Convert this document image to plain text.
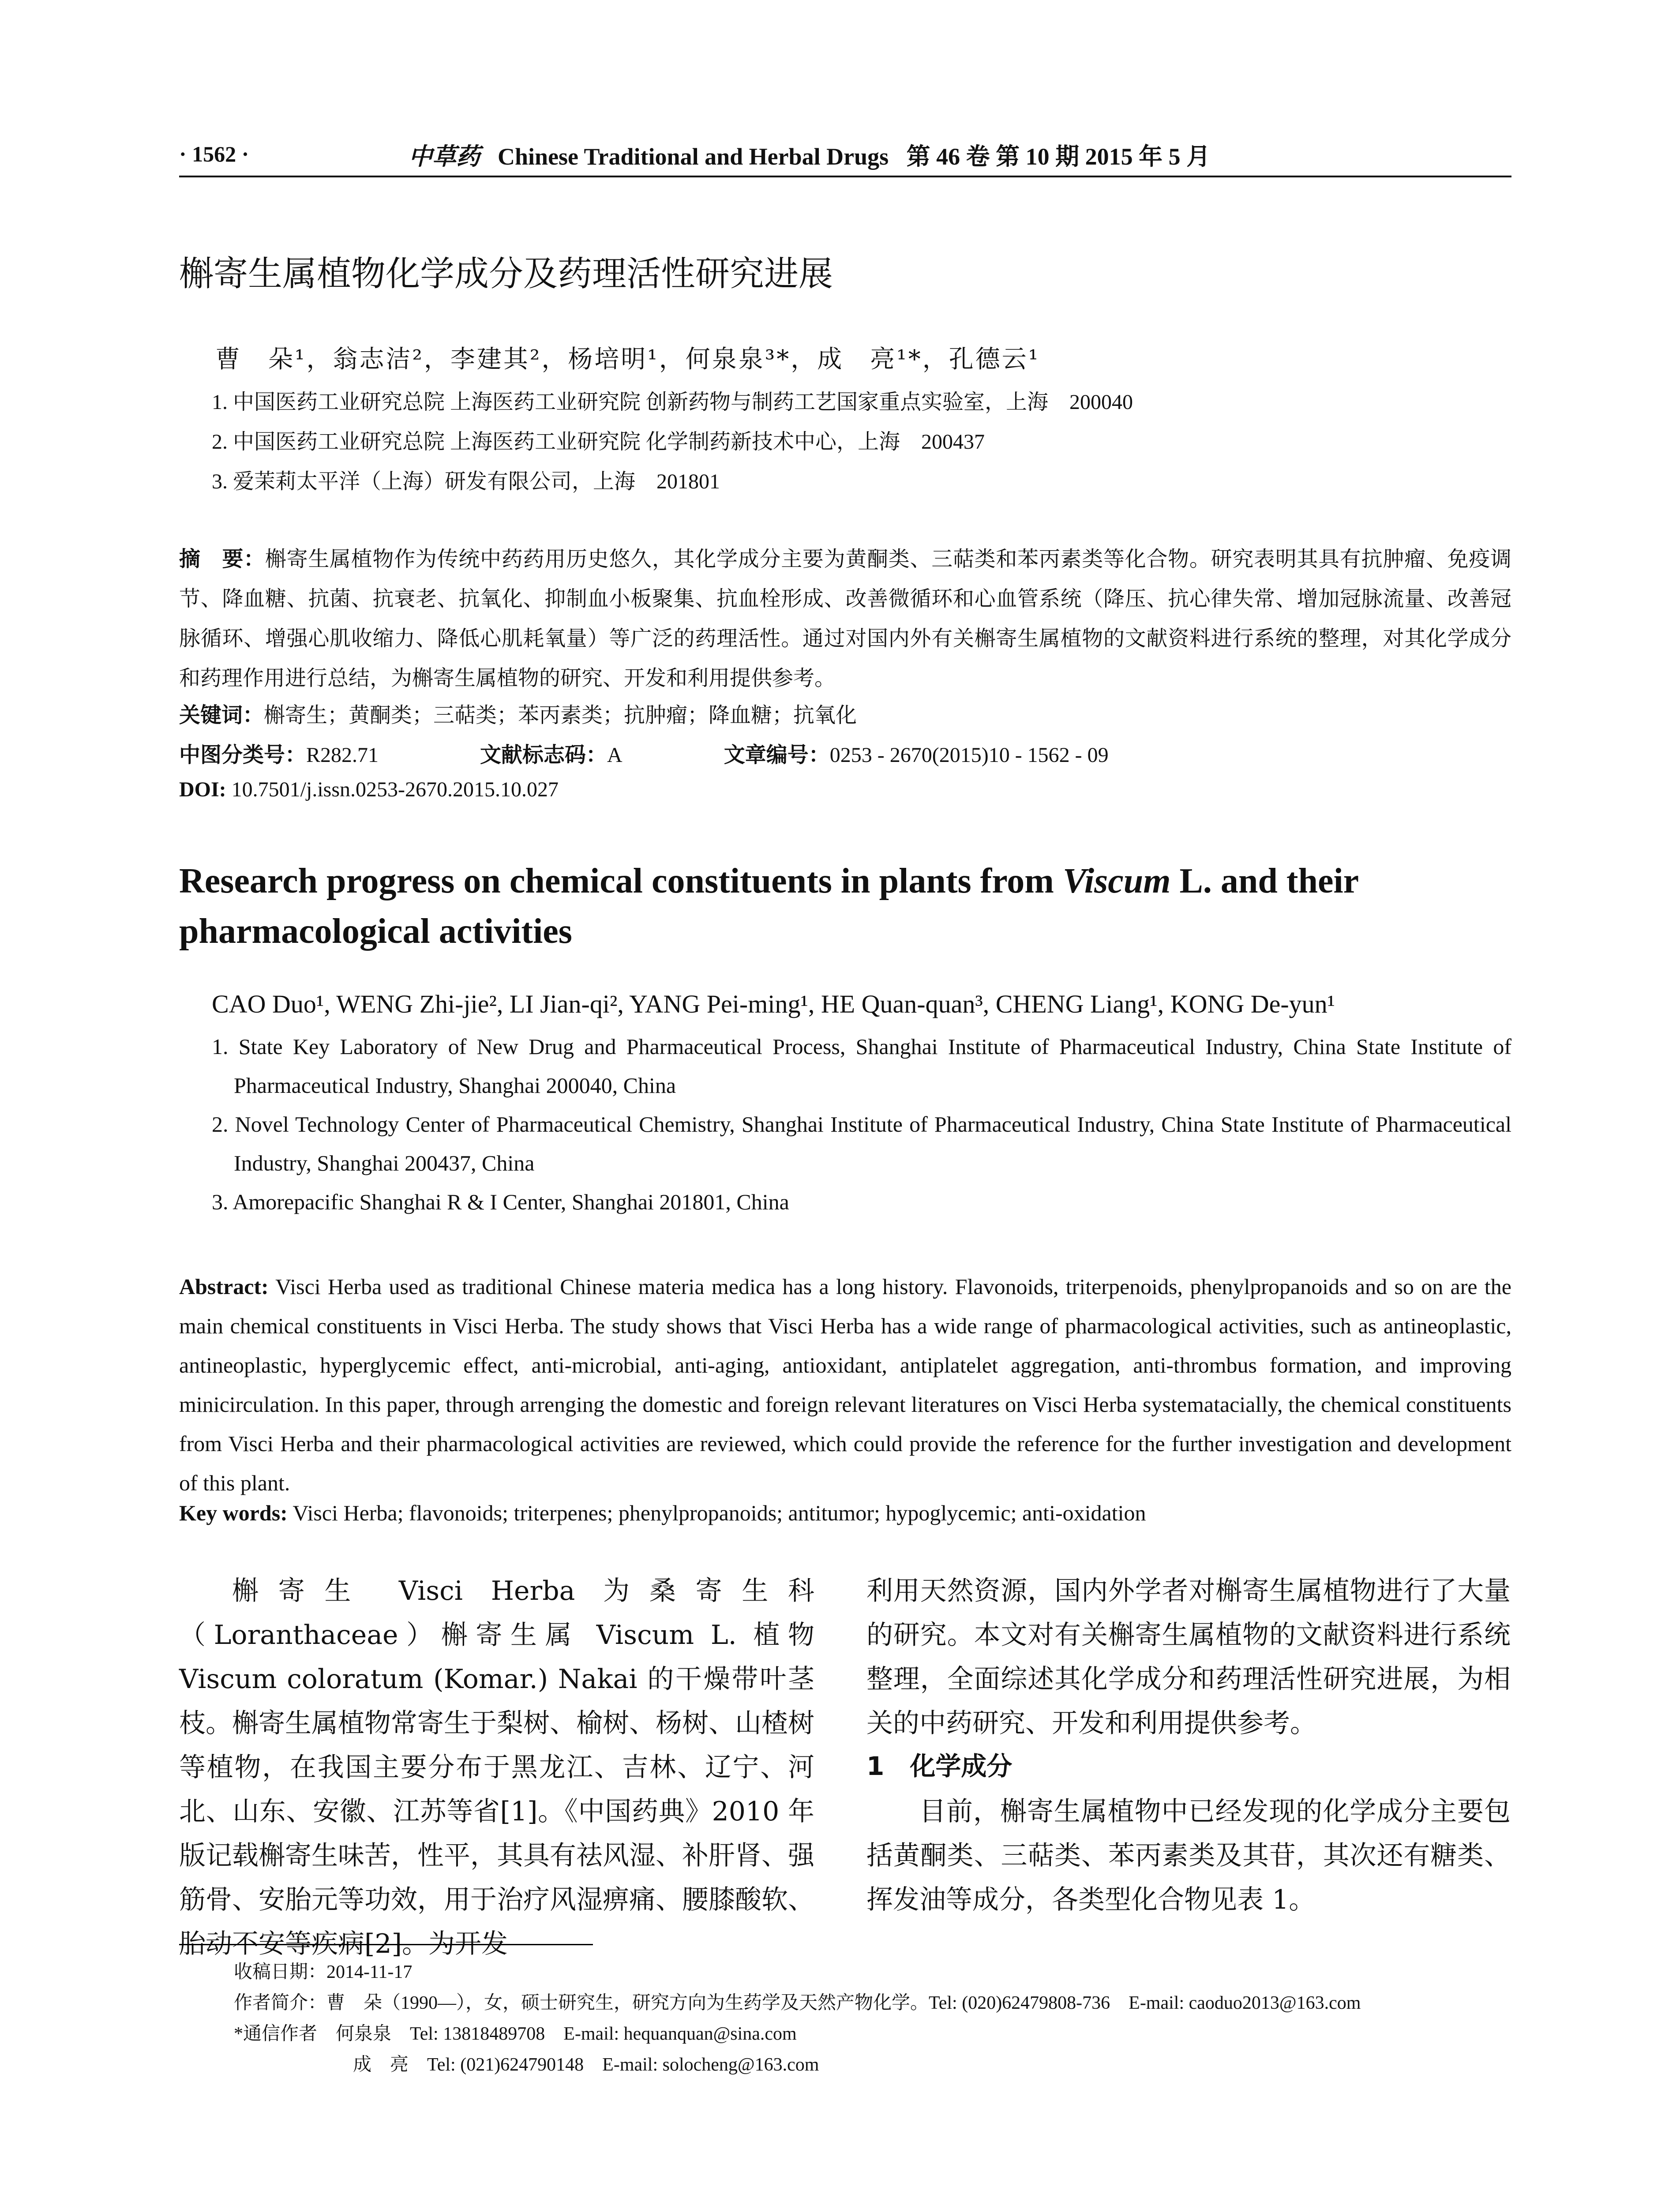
· 1562 ·	中草药 Chinese Traditional and Herbal Drugs 第 46 卷 第 10 期 2015 年 5 月
槲寄生属植物化学成分及药理活性研究进展
曹　朵¹，翁志洁²，李建其²，杨培明¹，何泉泉³*，成　亮¹*，孔德云¹
1. 中国医药工业研究总院 上海医药工业研究院 创新药物与制药工艺国家重点实验室，上海　200040
2. 中国医药工业研究总院 上海医药工业研究院 化学制药新技术中心，上海　200437
3. 爱茉莉太平洋（上海）研发有限公司，上海　201801
摘　要：槲寄生属植物作为传统中药药用历史悠久，其化学成分主要为黄酮类、三萜类和苯丙素类等化合物。研究表明其具有抗肿瘤、免疫调节、降血糖、抗菌、抗衰老、抗氧化、抑制血小板聚集、抗血栓形成、改善微循环和心血管系统（降压、抗心律失常、增加冠脉流量、改善冠脉循环、增强心肌收缩力、降低心肌耗氧量）等广泛的药理活性。通过对国内外有关槲寄生属植物的文献资料进行系统的整理，对其化学成分和药理作用进行总结，为槲寄生属植物的研究、开发和利用提供参考。
关键词：槲寄生；黄酮类；三萜类；苯丙素类；抗肿瘤；降血糖；抗氧化
中图分类号：R282.71	文献标志码：A	文章编号：0253 - 2670(2015)10 - 1562 - 09
DOI: 10.7501/j.issn.0253-2670.2015.10.027
Research progress on chemical constituents in plants from Viscum L. and their pharmacological activities
CAO Duo¹, WENG Zhi-jie², LI Jian-qi², YANG Pei-ming¹, HE Quan-quan³, CHENG Liang¹, KONG De-yun¹
1. State Key Laboratory of New Drug and Pharmaceutical Process, Shanghai Institute of Pharmaceutical Industry, China State Institute of Pharmaceutical Industry, Shanghai 200040, China
2. Novel Technology Center of Pharmaceutical Chemistry, Shanghai Institute of Pharmaceutical Industry, China State Institute of Pharmaceutical Industry, Shanghai 200437, China
3. Amorepacific Shanghai R & I Center, Shanghai 201801, China
Abstract: Visci Herba used as traditional Chinese materia medica has a long history. Flavonoids, triterpenoids, phenylpropanoids and so on are the main chemical constituents in Visci Herba. The study shows that Visci Herba has a wide range of pharmacological activities, such as antineoplastic, antineoplastic, hyperglycemic effect, anti-microbial, anti-aging, antioxidant, antiplatelet aggregation, anti-thrombus formation, and improving minicirculation. In this paper, through arrenging the domestic and foreign relevant literatures on Visci Herba systematacially, the chemical constituents from Visci Herba and their pharmacological activities are reviewed, which could provide the reference for the further investigation and development of this plant.
Key words: Visci Herba; flavonoids; triterpenes; phenylpropanoids; antitumor; hypoglycemic; anti-oxidation
槲寄生 Visci Herba 为桑寄生科（Loranthaceae）槲寄生属 Viscum L. 植物 Viscum coloratum (Komar.) Nakai 的干燥带叶茎枝。槲寄生属植物常寄生于梨树、榆树、杨树、山楂树等植物，在我国主要分布于黑龙江、吉林、辽宁、河北、山东、安徽、江苏等省[1]。《中国药典》2010 年版记载槲寄生味苦，性平，其具有祛风湿、补肝肾、强筋骨、安胎元等功效，用于治疗风湿痹痛、腰膝酸软、胎动不安等疾病[2]。为开发
利用天然资源，国内外学者对槲寄生属植物进行了大量的研究。本文对有关槲寄生属植物的文献资料进行系统整理，全面综述其化学成分和药理活性研究进展，为相关的中药研究、开发和利用提供参考。
1　化学成分
目前，槲寄生属植物中已经发现的化学成分主要包括黄酮类、三萜类、苯丙素类及其苷，其次还有糖类、挥发油等成分，各类型化合物见表 1。
收稿日期：2014-11-17
作者简介：曹　朵（1990—），女，硕士研究生，研究方向为生药学及天然产物化学。Tel: (020)62479808-736　E-mail: caoduo2013@163.com
*通信作者　何泉泉　Tel: 13818489708　E-mail: hequanquan@sina.com
成　亮　Tel: (021)624790148　E-mail: solocheng@163.com
